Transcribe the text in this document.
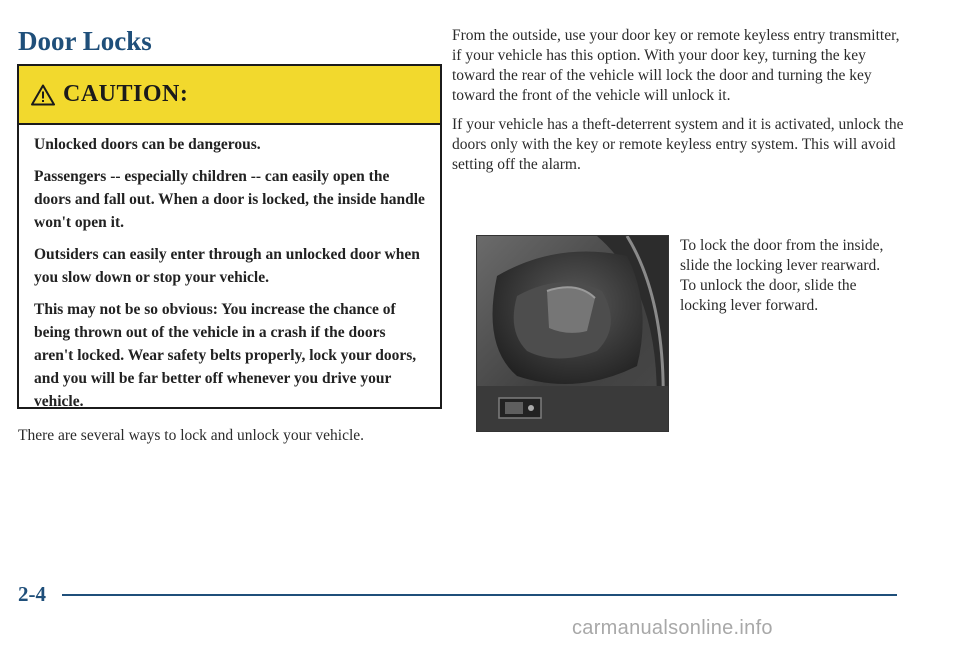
Door Locks
CAUTION:

Unlocked doors can be dangerous.

Passengers -- especially children -- can easily open the doors and fall out. When a door is locked, the inside handle won't open it.

Outsiders can easily enter through an unlocked door when you slow down or stop your vehicle.

This may not be so obvious: You increase the chance of being thrown out of the vehicle in a crash if the doors aren't locked. Wear safety belts properly, lock your doors, and you will be far better off whenever you drive your vehicle.

There are several ways to lock and unlock your vehicle.

From the outside, use your door key or remote keyless entry transmitter, if your vehicle has this option. With your door key, turning the key toward the rear of the vehicle will lock the door and turning the key toward the front of the vehicle will unlock it.

If your vehicle has a theft-deterrent system and it is activated, unlock the doors only with the key or remote keyless entry system. This will avoid setting off the alarm.

To lock the door from the inside, slide the locking lever rearward. To unlock the door, slide the locking lever forward.

2-4
carmanualsonline.info
